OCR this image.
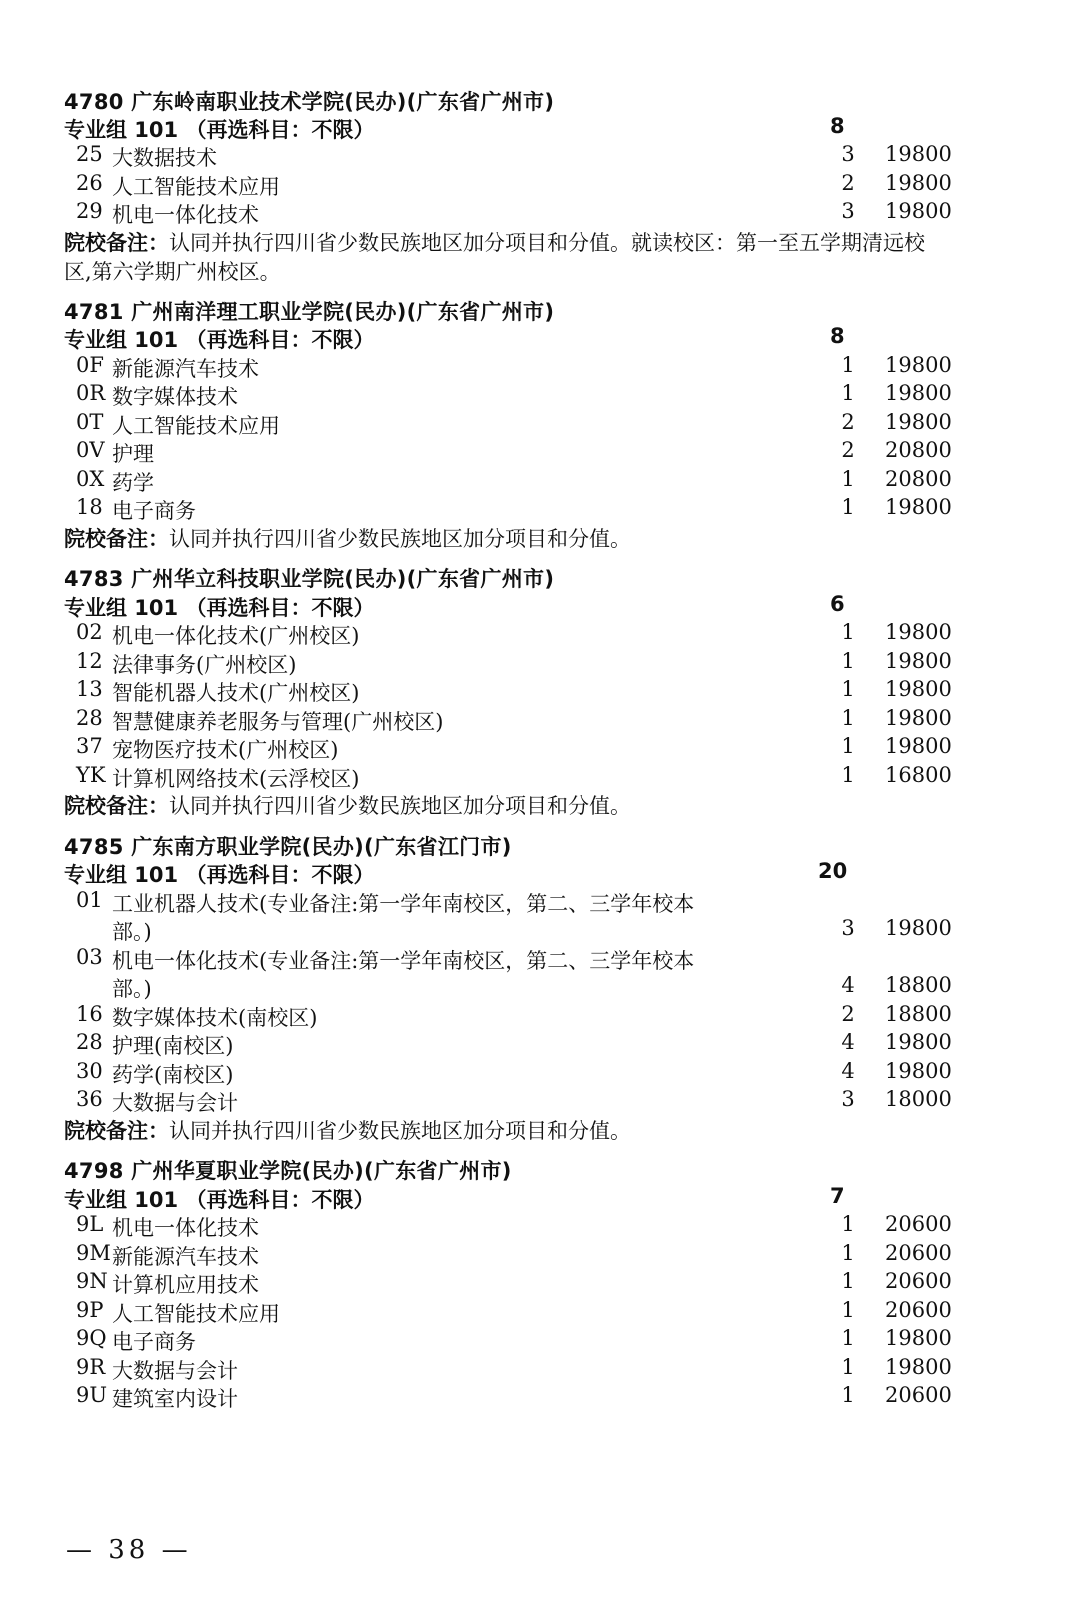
4780 广东岭南职业技术学院(民办)(广东省广州市)
专业组 101 （再选科目：不限）	8
25 大数据技术	3 19800
26 人工智能技术应用	2 19800
29 机电一体化技术	3 19800
院校备注：认同并执行四川省少数民族地区加分项目和分值。就读校区：第一至五学期清远校
区,第六学期广州校区。
4781 广州南洋理工职业学院(民办)(广东省广州市)
专业组 101 （再选科目：不限）	8
0F 新能源汽车技术	1 19800
0R 数字媒体技术	1 19800
0T 人工智能技术应用	2 19800
0V 护理	2 20800
0X 药学	1 20800
18 电子商务	1 19800
院校备注：认同并执行四川省少数民族地区加分项目和分值。
4783 广州华立科技职业学院(民办)(广东省广州市)
专业组 101 （再选科目：不限）	6
02 机电一体化技术(广州校区)	1 19800
12 法律事务(广州校区)	1 19800
13 智能机器人技术(广州校区)	1 19800
28 智慧健康养老服务与管理(广州校区)	1 19800
37 宠物医疗技术(广州校区)	1 19800
YK 计算机网络技术(云浮校区)	1 16800
院校备注：认同并执行四川省少数民族地区加分项目和分值。
4785 广东南方职业学院(民办)(广东省江门市)
专业组 101 （再选科目：不限）	20
01 工业机器人技术(专业备注:第一学年南校区，第二、三学年校本
部。)	3 19800
03 机电一体化技术(专业备注:第一学年南校区，第二、三学年校本
部。)	4 18800
16 数字媒体技术(南校区)	2 18800
28 护理(南校区)	4 19800
30 药学(南校区)	4 19800
36 大数据与会计	3 18000
院校备注：认同并执行四川省少数民族地区加分项目和分值。
4798 广州华夏职业学院(民办)(广东省广州市)
专业组 101 （再选科目：不限）	7
9L 机电一体化技术	1 20600
9M 新能源汽车技术	1 20600
9N 计算机应用技术	1 20600
9P 人工智能技术应用	1 20600
9Q 电子商务	1 19800
9R 大数据与会计	1 19800
9U 建筑室内设计	1 20600
— 38 —
